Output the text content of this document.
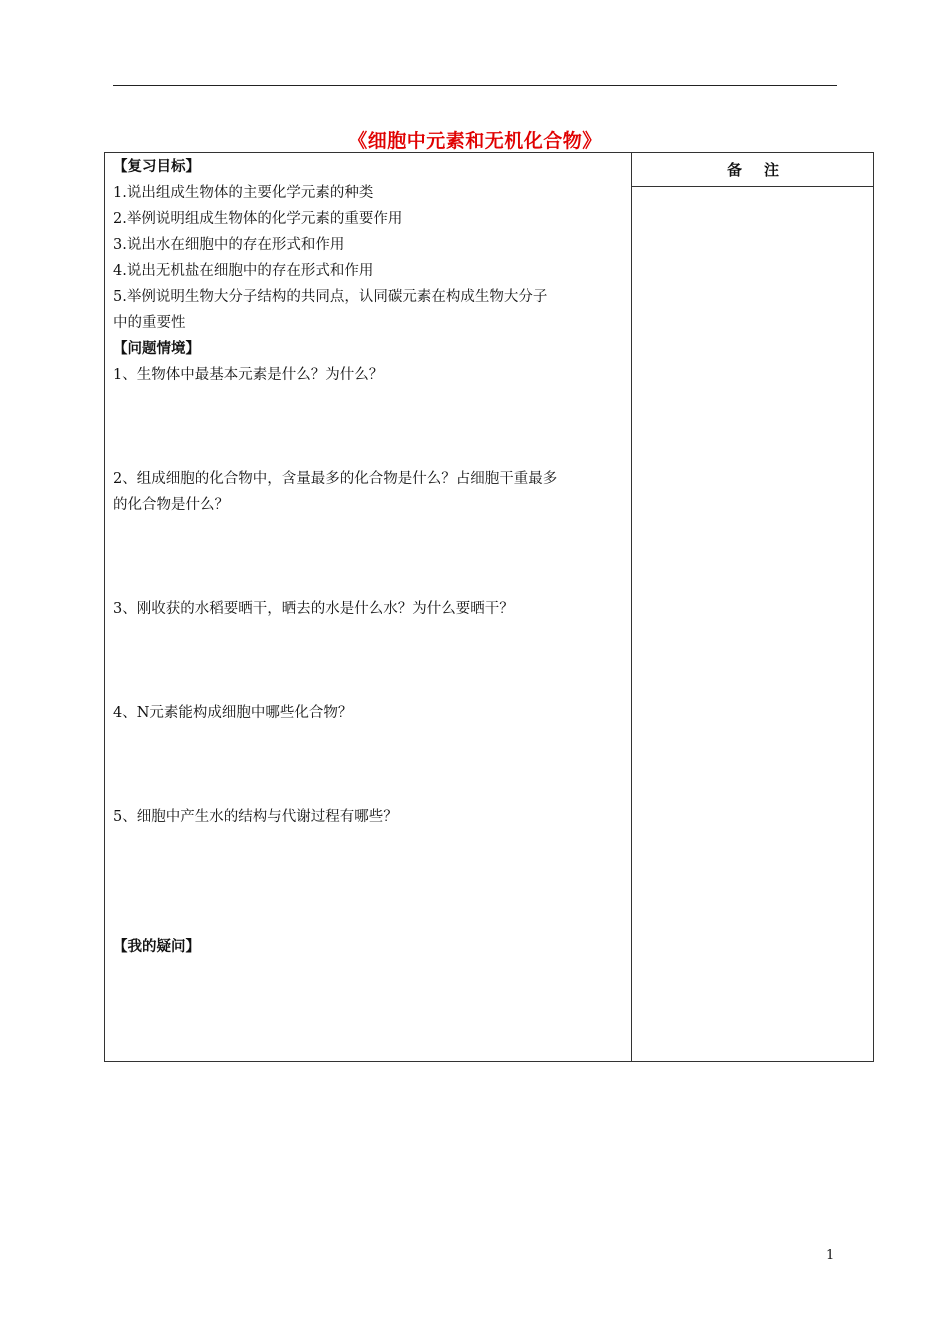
《细胞中元素和无机化合物》
备注
【复习目标】
1.说出组成生物体的主要化学元素的种类
2.举例说明组成生物体的化学元素的重要作用
3.说出水在细胞中的存在形式和作用
4.说出无机盐在细胞中的存在形式和作用
5.举例说明生物大分子结构的共同点，认同碳元素在构成生物大分子
中的重要性
【问题情境】
1、生物体中最基本元素是什么？为什么？
2、组成细胞的化合物中，含量最多的化合物是什么？占细胞干重最多
的化合物是什么？
3、刚收获的水稻要晒干，晒去的水是什么水？为什么要晒干？
4、N元素能构成细胞中哪些化合物？
5、细胞中产生水的结构与代谢过程有哪些？
【我的疑问】
1
